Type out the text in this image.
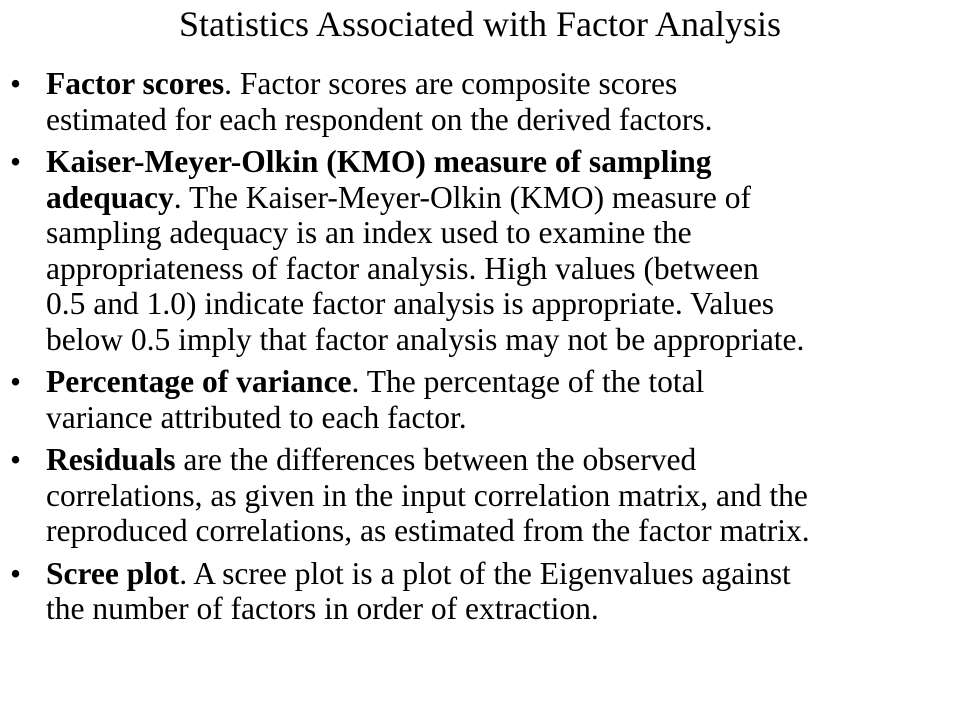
Statistics Associated with Factor Analysis
• Factor scores. Factor scores are composite scores
estimated for each respondent on the derived factors.
• Kaiser-Meyer-Olkin (KMO) measure of sampling
adequacy. The Kaiser-Meyer-Olkin (KMO) measure of
sampling adequacy is an index used to examine the
appropriateness of factor analysis. High values (between
0.5 and 1.0) indicate factor analysis is appropriate. Values
below 0.5 imply that factor analysis may not be appropriate.
• Percentage of variance. The percentage of the total
variance attributed to each factor.
• Residuals are the differences between the observed
correlations, as given in the input correlation matrix, and the
reproduced correlations, as estimated from the factor matrix.
• Scree plot. A scree plot is a plot of the Eigenvalues against
the number of factors in order of extraction.
